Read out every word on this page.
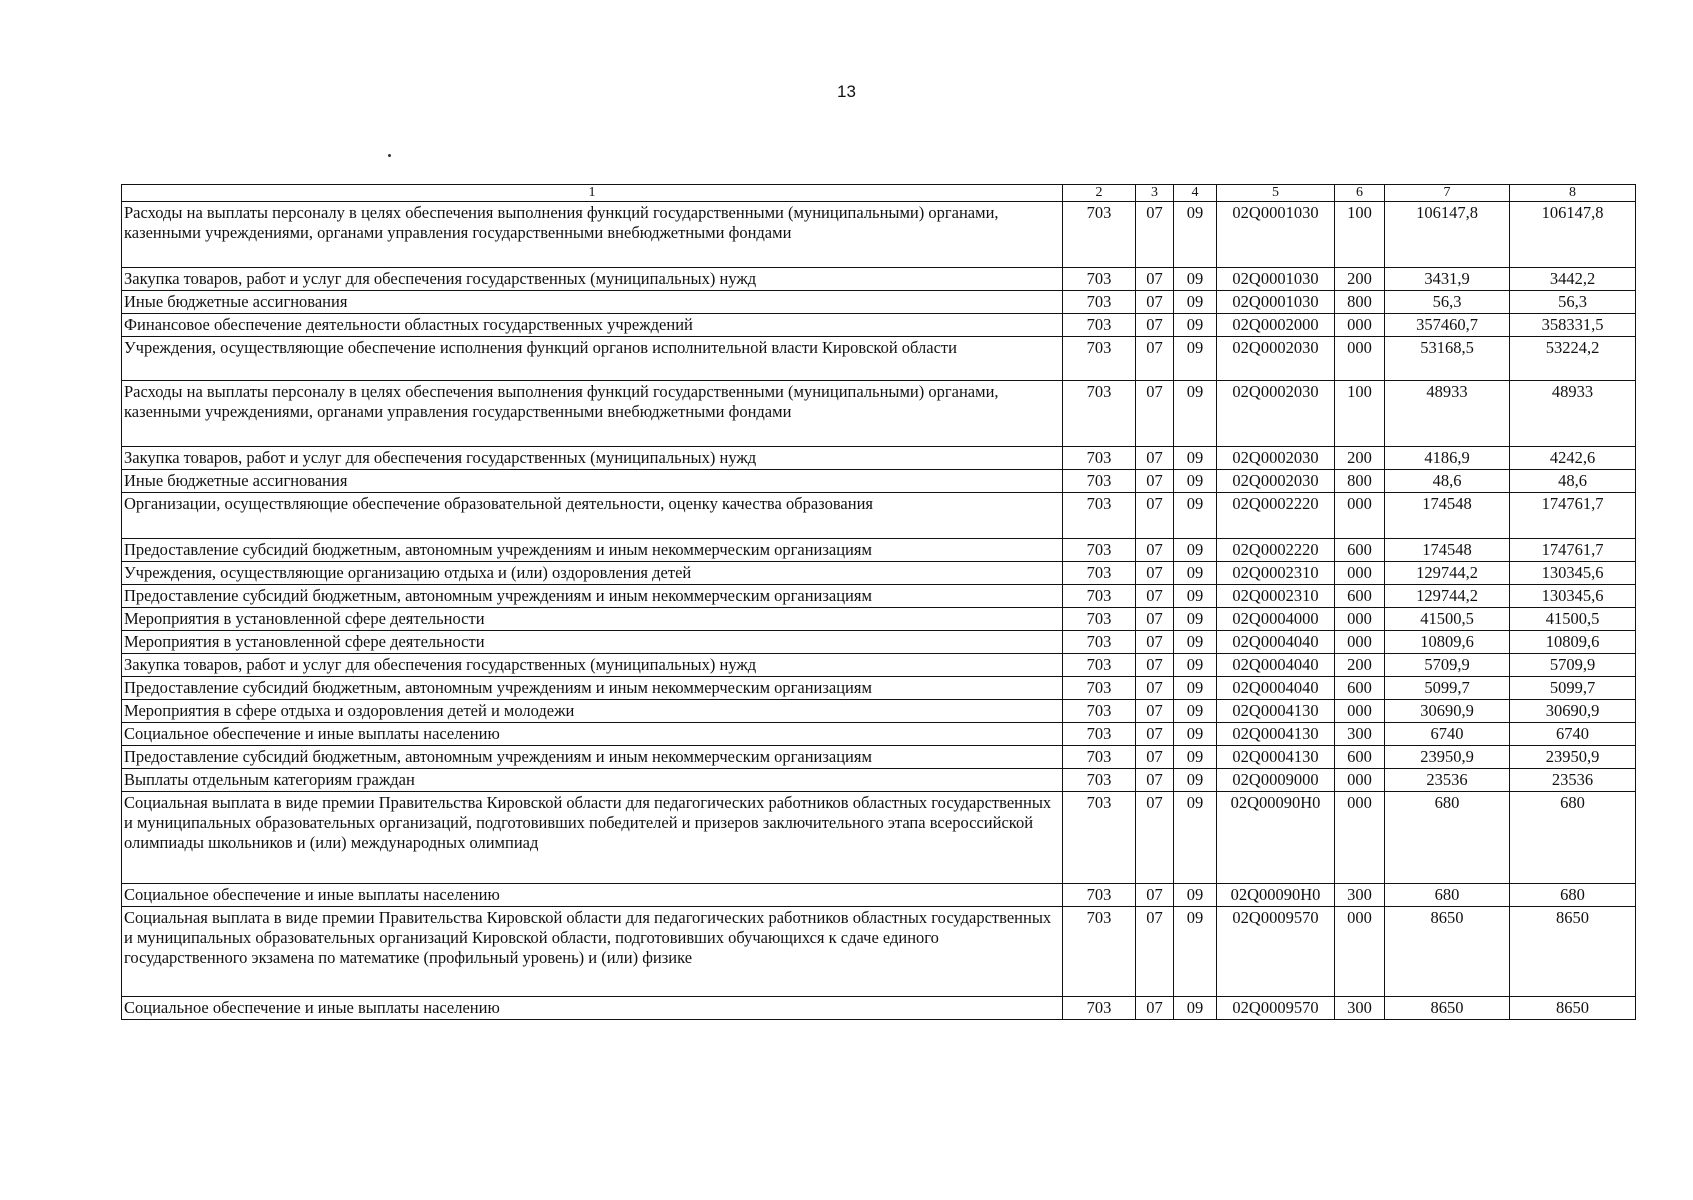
13
1	2	3	4	5	6	7	8
Расходы на выплаты персоналу в целях обеспечения выполнения функций государственными (муниципальными) органами, казенными учреждениями, органами управления государственными внебюджетными фондами	703	07	09	02Q0001030	100	106147,8	106147,8
Закупка товаров, работ и услуг для обеспечения государственных (муниципальных) нужд	703	07	09	02Q0001030	200	3431,9	3442,2
Иные бюджетные ассигнования	703	07	09	02Q0001030	800	56,3	56,3
Финансовое обеспечение деятельности областных государственных учреждений	703	07	09	02Q0002000	000	357460,7	358331,5
Учреждения, осуществляющие обеспечение исполнения функций органов исполнительной власти Кировской области	703	07	09	02Q0002030	000	53168,5	53224,2
Расходы на выплаты персоналу в целях обеспечения выполнения функций государственными (муниципальными) органами, казенными учреждениями, органами управления государственными внебюджетными фондами	703	07	09	02Q0002030	100	48933	48933
Закупка товаров, работ и услуг для обеспечения государственных (муниципальных) нужд	703	07	09	02Q0002030	200	4186,9	4242,6
Иные бюджетные ассигнования	703	07	09	02Q0002030	800	48,6	48,6
Организации, осуществляющие обеспечение образовательной деятельности, оценку качества образования	703	07	09	02Q0002220	000	174548	174761,7
Предоставление субсидий бюджетным, автономным учреждениям и иным некоммерческим организациям	703	07	09	02Q0002220	600	174548	174761,7
Учреждения, осуществляющие организацию отдыха и (или) оздоровления детей	703	07	09	02Q0002310	000	129744,2	130345,6
Предоставление субсидий бюджетным, автономным учреждениям и иным некоммерческим организациям	703	07	09	02Q0002310	600	129744,2	130345,6
Мероприятия в установленной сфере деятельности	703	07	09	02Q0004000	000	41500,5	41500,5
Мероприятия в установленной сфере деятельности	703	07	09	02Q0004040	000	10809,6	10809,6
Закупка товаров, работ и услуг для обеспечения государственных (муниципальных) нужд	703	07	09	02Q0004040	200	5709,9	5709,9
Предоставление субсидий бюджетным, автономным учреждениям и иным некоммерческим организациям	703	07	09	02Q0004040	600	5099,7	5099,7
Мероприятия в сфере отдыха и оздоровления детей и молодежи	703	07	09	02Q0004130	000	30690,9	30690,9
Социальное обеспечение и иные выплаты населению	703	07	09	02Q0004130	300	6740	6740
Предоставление субсидий бюджетным, автономным учреждениям и иным некоммерческим организациям	703	07	09	02Q0004130	600	23950,9	23950,9
Выплаты отдельным категориям граждан	703	07	09	02Q0009000	000	23536	23536
Социальная выплата в виде премии Правительства Кировской области для педагогических работников областных государственных и муниципальных образовательных организаций, подготовивших победителей и призеров заключительного этапа всероссийской олимпиады школьников и (или) международных олимпиад	703	07	09	02Q00090H0	000	680	680
Социальное обеспечение и иные выплаты населению	703	07	09	02Q00090H0	300	680	680
Социальная выплата в виде премии Правительства Кировской области для педагогических работников областных государственных и муниципальных образовательных организаций Кировской области, подготовивших обучающихся к сдаче единого государственного экзамена по математике (профильный уровень) и (или) физике	703	07	09	02Q0009570	000	8650	8650
Социальное обеспечение и иные выплаты населению	703	07	09	02Q0009570	300	8650	8650
